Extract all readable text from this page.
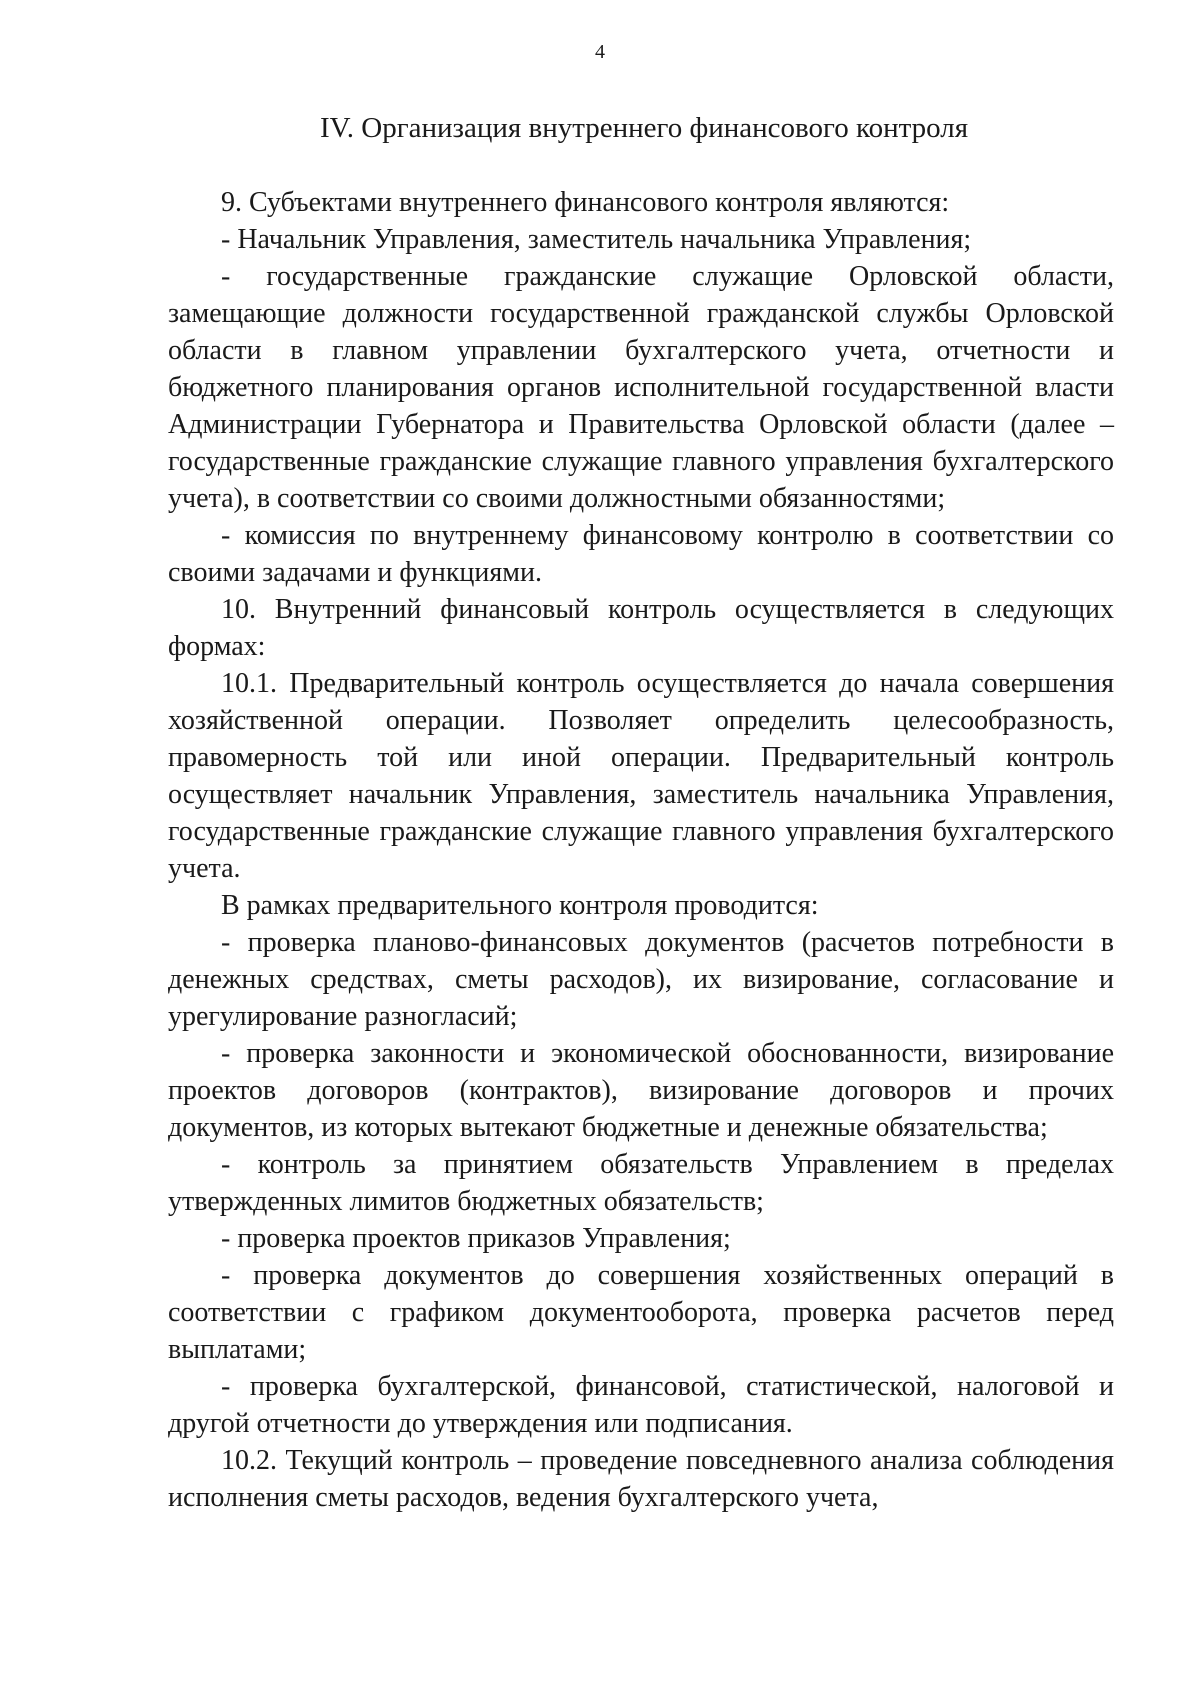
4
IV. Организация внутреннего финансового контроля

9. Субъектами внутреннего финансового контроля являются:

- Начальник Управления, заместитель начальника Управления;

- государственные гражданские служащие Орловской области, замещающие должности государственной гражданской службы Орловской области в главном управлении бухгалтерского учета, отчетности и бюджетного планирования органов исполнительной государственной власти Администрации Губернатора и Правительства Орловской области (далее – государственные гражданские служащие главного управления бухгалтерского учета), в соответствии со своими должностными обязанностями;

- комиссия по внутреннему финансовому контролю в соответствии со своими задачами и функциями.

10. Внутренний финансовый контроль осуществляется в следующих формах:

10.1. Предварительный контроль осуществляется до начала совершения хозяйственной операции. Позволяет определить целесообразность, правомерность той или иной операции. Предварительный контроль осуществляет начальник Управления, заместитель начальника Управления, государственные гражданские служащие главного управления бухгалтерского учета.

В рамках предварительного контроля проводится:

- проверка планово-финансовых документов (расчетов потребности в денежных средствах, сметы расходов), их визирование, согласование и урегулирование разногласий;

- проверка законности и экономической обоснованности, визирование проектов договоров (контрактов), визирование договоров и прочих документов, из которых вытекают бюджетные и денежные обязательства;

- контроль за принятием обязательств Управлением в пределах утвержденных лимитов бюджетных обязательств;

- проверка проектов приказов Управления;

- проверка документов до совершения хозяйственных операций в соответствии с графиком документооборота, проверка расчетов перед выплатами;

- проверка бухгалтерской, финансовой, статистической, налоговой и другой отчетности до утверждения или подписания.

10.2. Текущий контроль – проведение повседневного анализа соблюдения исполнения сметы расходов, ведения бухгалтерского учета,
